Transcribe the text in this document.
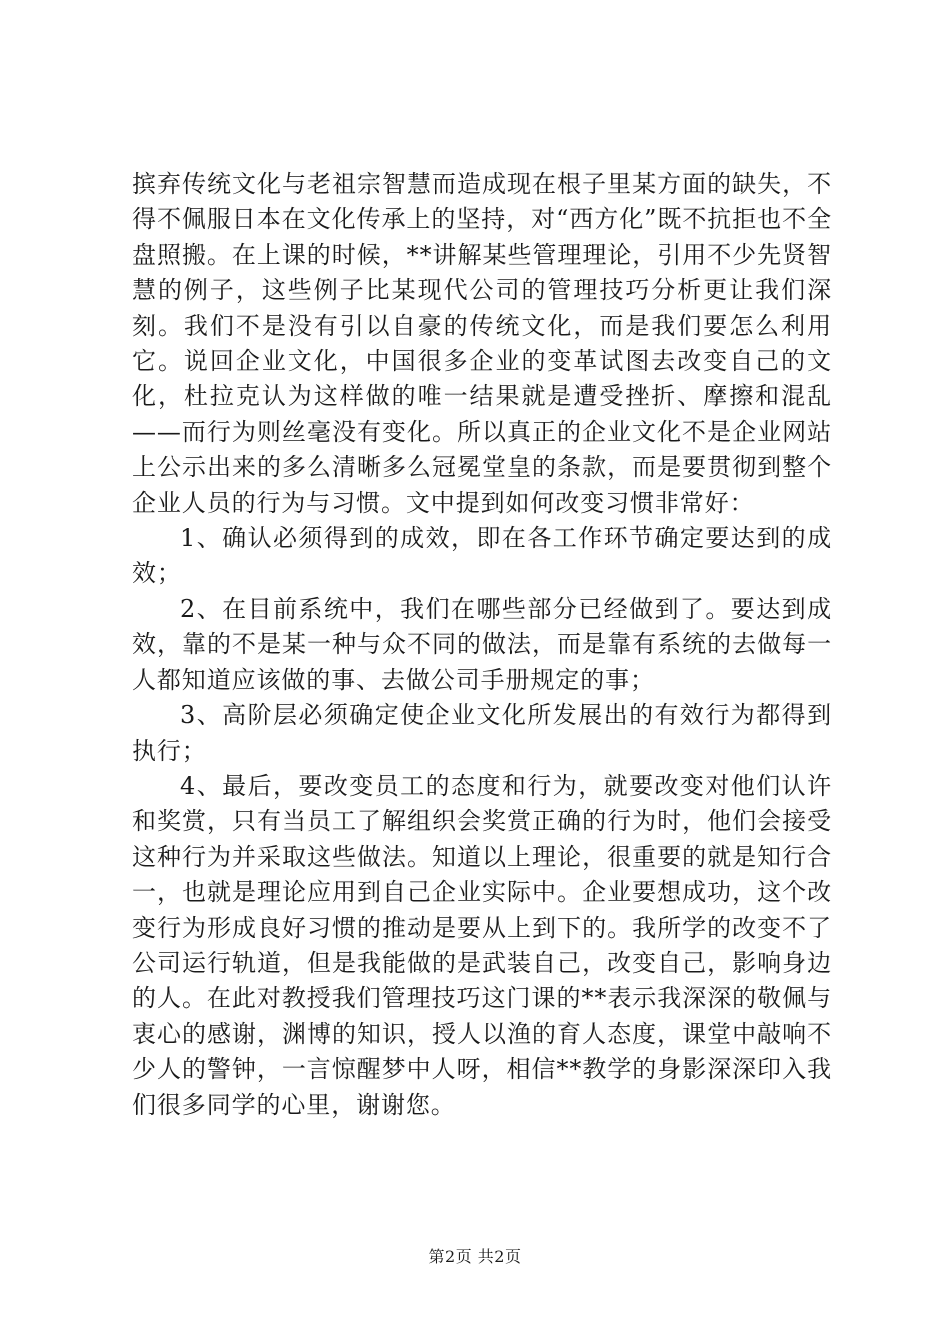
摈弃传统文化与老祖宗智慧而造成现在根子里某方面的缺失，不得不佩服日本在文化传承上的坚持，对“西方化”既不抗拒也不全盘照搬。在上课的时候，**讲解某些管理理论，引用不少先贤智慧的例子，这些例子比某现代公司的管理技巧分析更让我们深刻。我们不是没有引以自豪的传统文化，而是我们要怎么利用它。说回企业文化，中国很多企业的变革试图去改变自己的文化，杜拉克认为这样做的唯一结果就是遭受挫折、摩擦和混乱——而行为则丝毫没有变化。所以真正的企业文化不是企业网站上公示出来的多么清晰多么冠冕堂皇的条款，而是要贯彻到整个企业人员的行为与习惯。文中提到如何改变习惯非常好：

1、确认必须得到的成效，即在各工作环节确定要达到的成效；

2、在目前系统中，我们在哪些部分已经做到了。要达到成效，靠的不是某一种与众不同的做法，而是靠有系统的去做每一人都知道应该做的事、去做公司手册规定的事；

3、高阶层必须确定使企业文化所发展出的有效行为都得到执行；

4、最后，要改变员工的态度和行为，就要改变对他们认许和奖赏，只有当员工了解组织会奖赏正确的行为时，他们会接受这种行为并采取这些做法。知道以上理论，很重要的就是知行合一，也就是理论应用到自己企业实际中。企业要想成功，这个改变行为形成良好习惯的推动是要从上到下的。我所学的改变不了公司运行轨道，但是我能做的是武装自己，改变自己，影响身边的人。在此对教授我们管理技巧这门课的**表示我深深的敬佩与衷心的感谢，渊博的知识，授人以渔的育人态度，课堂中敲响不少人的警钟，一言惊醒梦中人呀，相信**教学的身影深深印入我们很多同学的心里，谢谢您。

第2页 共2页
